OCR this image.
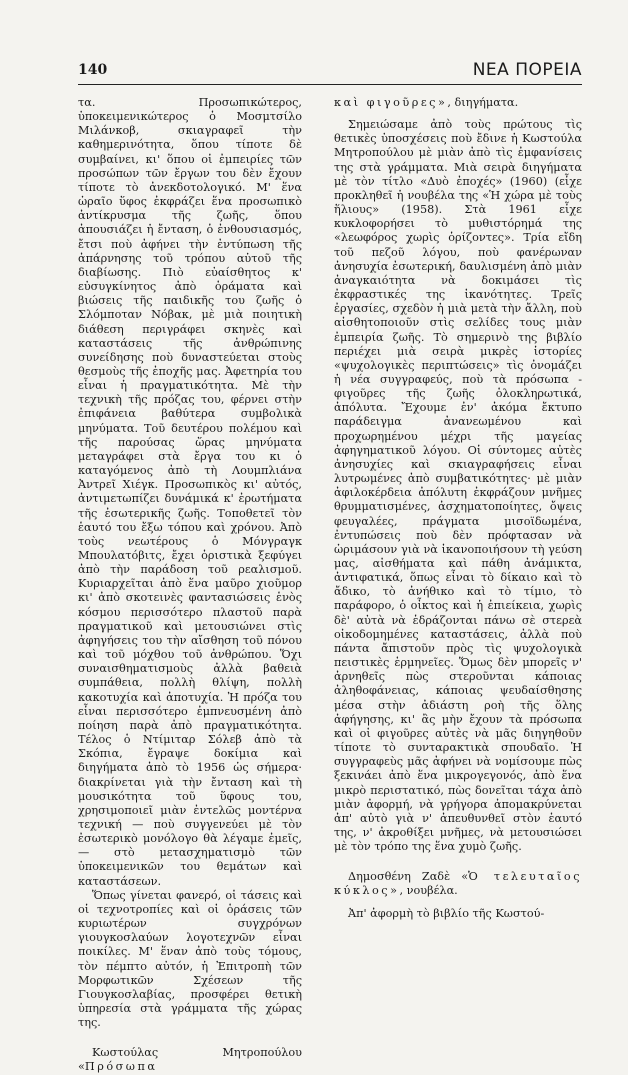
140	ΝΕΑ ΠΟΡΕΙΑ

τα. Προσωπικώτερος, ὑποκειμενικώτερος ὁ Μοσμτσίλο Μιλάνκοβ, σκιαγραφεῖ τὴν καθημερινότητα, ὅπου τίποτε δὲ συμβαίνει, κι' ὅπου οἱ ἐμπειρίες τῶν προσώπων τῶν ἔργων του δὲν ἔχουν τίποτε τὸ ἀνεκδοτολογικό. Μ' ἕνα ὡραῖο ὕφος ἐκφράζει ἕνα προσωπικὸ ἀντίκρυσμα τῆς ζωῆς, ὅπου ἀπουσιάζει ἡ ἔνταση, ὁ ἐνθουσιασμός, ἔτσι ποὺ ἀφήνει τὴν ἐντύπωση τῆς ἀπάρνησης τοῦ τρόπου αὐτοῦ τῆς διαβίωσης. Πιὸ εὐαίσθητος κ' εὐσυγκίνητος ἀπὸ ὁράματα καὶ βιώσεις τῆς παιδικῆς του ζωῆς ὁ Σλόμποταν Νόβακ, μὲ μιὰ ποιητικὴ διάθεση περιγράφει σκηνὲς καὶ καταστάσεις τῆς ἀνθρώπινης συνείδησης ποὺ δυναστεύεται στοὺς θεσμοὺς τῆς ἐποχῆς μας. Ἀφετηρία του εἶναι ἡ πραγματικότητα. Μὲ τὴν τεχνικὴ τῆς πρόζας του, φέρνει στὴν ἐπιφάνεια βαθύτερα συμβολικὰ μηνύματα. Τοῦ δευτέρου πολέμου καὶ τῆς παρούσας ὥρας μηνύματα μεταγράφει στὰ ἔργα του κι ὁ καταγόμενος ἀπὸ τὴ Λουμπλιάνα Ἀντρεῖ Χιέγκ. Προσωπικὸς κι' αὐτός, ἀντιμετωπίζει δυνάμικά κ' ἐρωτήματα τῆς ἐσωτερικῆς ζωῆς. Τοποθετεῖ τὸν ἑαυτό του ἔξω τόπου καὶ χρόνου. Ἀπὸ τοὺς νεωτέρους ὁ Μόνγραγκ Μπουλατόβιτς, ἔχει ὁριστικὰ ξεφύγει ἀπὸ τὴν παράδοση τοῦ ρεαλισμοῦ. Κυριαρχεῖται ἀπὸ ἕνα μαῦρο χιοῦμορ κι' ἀπὸ σκοτεινὲς φαντασιώσεις ἑνὸς κόσμου περισσότερο πλαστοῦ παρὰ πραγματικοῦ καὶ μετουσιώνει στὶς ἀφηγήσεις του τὴν αἴσθηση τοῦ πόνου καὶ τοῦ μόχθου τοῦ ἀνθρώπου. Ὅχι συναισθηματισμοὺς ἀλλὰ βαθειὰ συμπάθεια, πολλὴ θλίψη, πολλὴ κακοτυχία καὶ ἀποτυχία. Ἡ πρόζα του εἶναι περισσότερο ἐμπνευσμένη ἀπὸ ποίηση παρὰ ἀπὸ πραγματικότητα. Τέλος ὁ Ντίμιταρ Σόλεβ ἀπὸ τὰ Σκόπια, ἔγραψε δοκίμια καὶ διηγήματα ἀπὸ τὸ 1956 ὡς σήμερα· διακρίνεται γιὰ τὴν ἔνταση καὶ τὴ μουσικότητα τοῦ ὕφους του, χρησιμοποιεῖ μιὰν ἐντελῶς μοντέρνα τεχνική — ποὺ συγγενεύει μὲ τὸν ἐσωτερικὸ μονόλογο θὰ λέγαμε ἐμεῖς, — στὸ μετασχηματισμὸ τῶν ὑποκειμενικῶν του θεμάτων καὶ καταστάσεων.

Ὅπως γίνεται φανερό, οἱ τάσεις καὶ οἱ τεχνοτροπίες καὶ οἱ ὁράσεις τῶν κυριωτέρων συγχρόνων γιουγκοσλαύων λογοτεχνῶν εἶναι ποικίλες. Μ' ἕναν ἀπὸ τοὺς τόμους, τὸν πέμπτο αὐτόν, ἡ Ἐπιτροπὴ τῶν Μορφωτικῶν Σχέσεων τῆς Γιουγκοσλαβίας, προσφέρει θετικὴ ὑπηρεσία στὰ γράμματα τῆς χώρας της.

Κωστούλας Μητροπούλου «Πρόσωπα

καὶ φιγοῦρες», διηγήματα.

Σημειώσαμε ἀπὸ τοὺς πρώτους τὶς θετικὲς ὑποσχέσεις ποὺ ἔδινε ἡ Κωστούλα Μητροπούλου μὲ μιὰν ἀπὸ τὶς ἐμφανίσεις της στὰ γράμματα. Μιὰ σειρὰ διηγήματα μὲ τὸν τίτλο «Δυὸ ἐποχές» (1960) (εἶχε προκληθεῖ ἡ νουβέλα της «Ἡ χώρα μὲ τοὺς ἥλιους» (1958). Στὰ 1961 εἶχε κυκλοφορήσει τὸ μυθιστόρημά της «λεωφόρος χωρὶς ὁρίζοντες». Τρία εἴδη τοῦ πεζοῦ λόγου, ποὺ φανέρωναν ἀνησυχία ἐσωτερική, δαυλισμένη ἀπὸ μιὰν ἀναγκαιότητα νὰ δοκιμάσει τὶς ἐκφραστικές της ἱκανότητες. Τρεῖς ἐργασίες, σχεδὸν ἡ μιὰ μετὰ τὴν ἄλλη, ποὺ αἰσθητοποιοῦν στὶς σελίδες τους μιὰν ἐμπειρία ζωῆς. Τὸ σημερινὸ της βιβλίο περιέχει μιὰ σειρὰ μικρὲς ἱστορίες «ψυχολογικὲς περιπτώσεις» τὶς ὀνομάζει ἡ νέα συγγραφεύς, ποὺ τὰ πρόσωπα - φιγοῦρες τῆς ζωῆς ὁλοκληρωτικά, ἀπόλυτα. Ἔχουμε ἐν' ἀκόμα ἔκτυπο παράδειγμα ἀνανεωμένου καὶ προχωρημένου μέχρι τῆς μαγείας ἀφηγηματικοῦ λόγου. Οἱ σύντομες αὐτὲς ἀνησυχίες καὶ σκιαγραφήσεις εἶναι λυτρωμένες ἀπὸ συμβατικότητες· μὲ μιὰν ἀφιλοκέρδεια ἀπόλυτη ἐκφράζουν μνῆμες θρυμματισμένες, ἀσχηματοποίητες, ὄψεις φευγαλέες, πράγματα μισοϊδωμένα, ἐντυπώσεις ποὺ δὲν πρόφτασαν νὰ ὡριμάσουν γιὰ νὰ ἱκανοποιήσουν τὴ γεύση μας, αἰσθήματα καὶ πάθη ἀνάμικτα, ἀντιφατικά, ὅπως εἶναι τὸ δίκαιο καὶ τὸ ἄδικο, τὸ ἀνήθικο καὶ τὸ τίμιο, τὸ παράφορο, ὁ οἶκτος καὶ ἡ ἐπιείκεια, χωρὶς δὲ' αὐτὰ νὰ ἑδράζονται πάνω σὲ στερεὰ οἰκοδομημένες καταστάσεις, ἀλλὰ ποὺ πάντα ἄπιστοῦν πρὸς τὶς ψυχολογικὰ πειστικὲς ἑρμηνεῖες. Ὅμως δὲν μπορεῖς ν' ἀρνηθεῖς πὼς στεροῦνται κάποιας ἀληθοφάνειας, κάποιας ψευδαίσθησης μέσα στὴν ἀδιάστη ροὴ τῆς ὅλης ἀφήγησης, κι' ἂς μὴν ἔχουν τὰ πρόσωπα καὶ οἱ φιγοῦρες αὐτὲς νὰ μᾶς διηγηθοῦν τίποτε τὸ συνταρακτικὰ σπουδαῖο. Ἡ συγγραφεὺς μᾶς ἀφήνει νὰ νομίσουμε πὼς ξεκινάει ἀπὸ ἕνα μικρογεγονός, ἀπὸ ἕνα μικρὸ περιστατικό, πὼς δονεῖται τάχα ἀπὸ μιὰν ἀφορμή, νὰ γρήγορα ἀπομακρύνεται ἀπ' αὐτὸ γιὰ ν' ἀπευθυνθεῖ στὸν ἑαυτό της, ν' ἀκροθίξει μνῆμες, νὰ μετουσιώσει μὲ τὸν τρόπο της ἕνα χυμὸ ζωῆς.

Δημοσθένη Ζαδὲ «Ὁ τελευταῖος κύκλος», νουβέλα.

Ἀπ' ἀφορμὴ τὸ βιβλίο τῆς Κωστού-
